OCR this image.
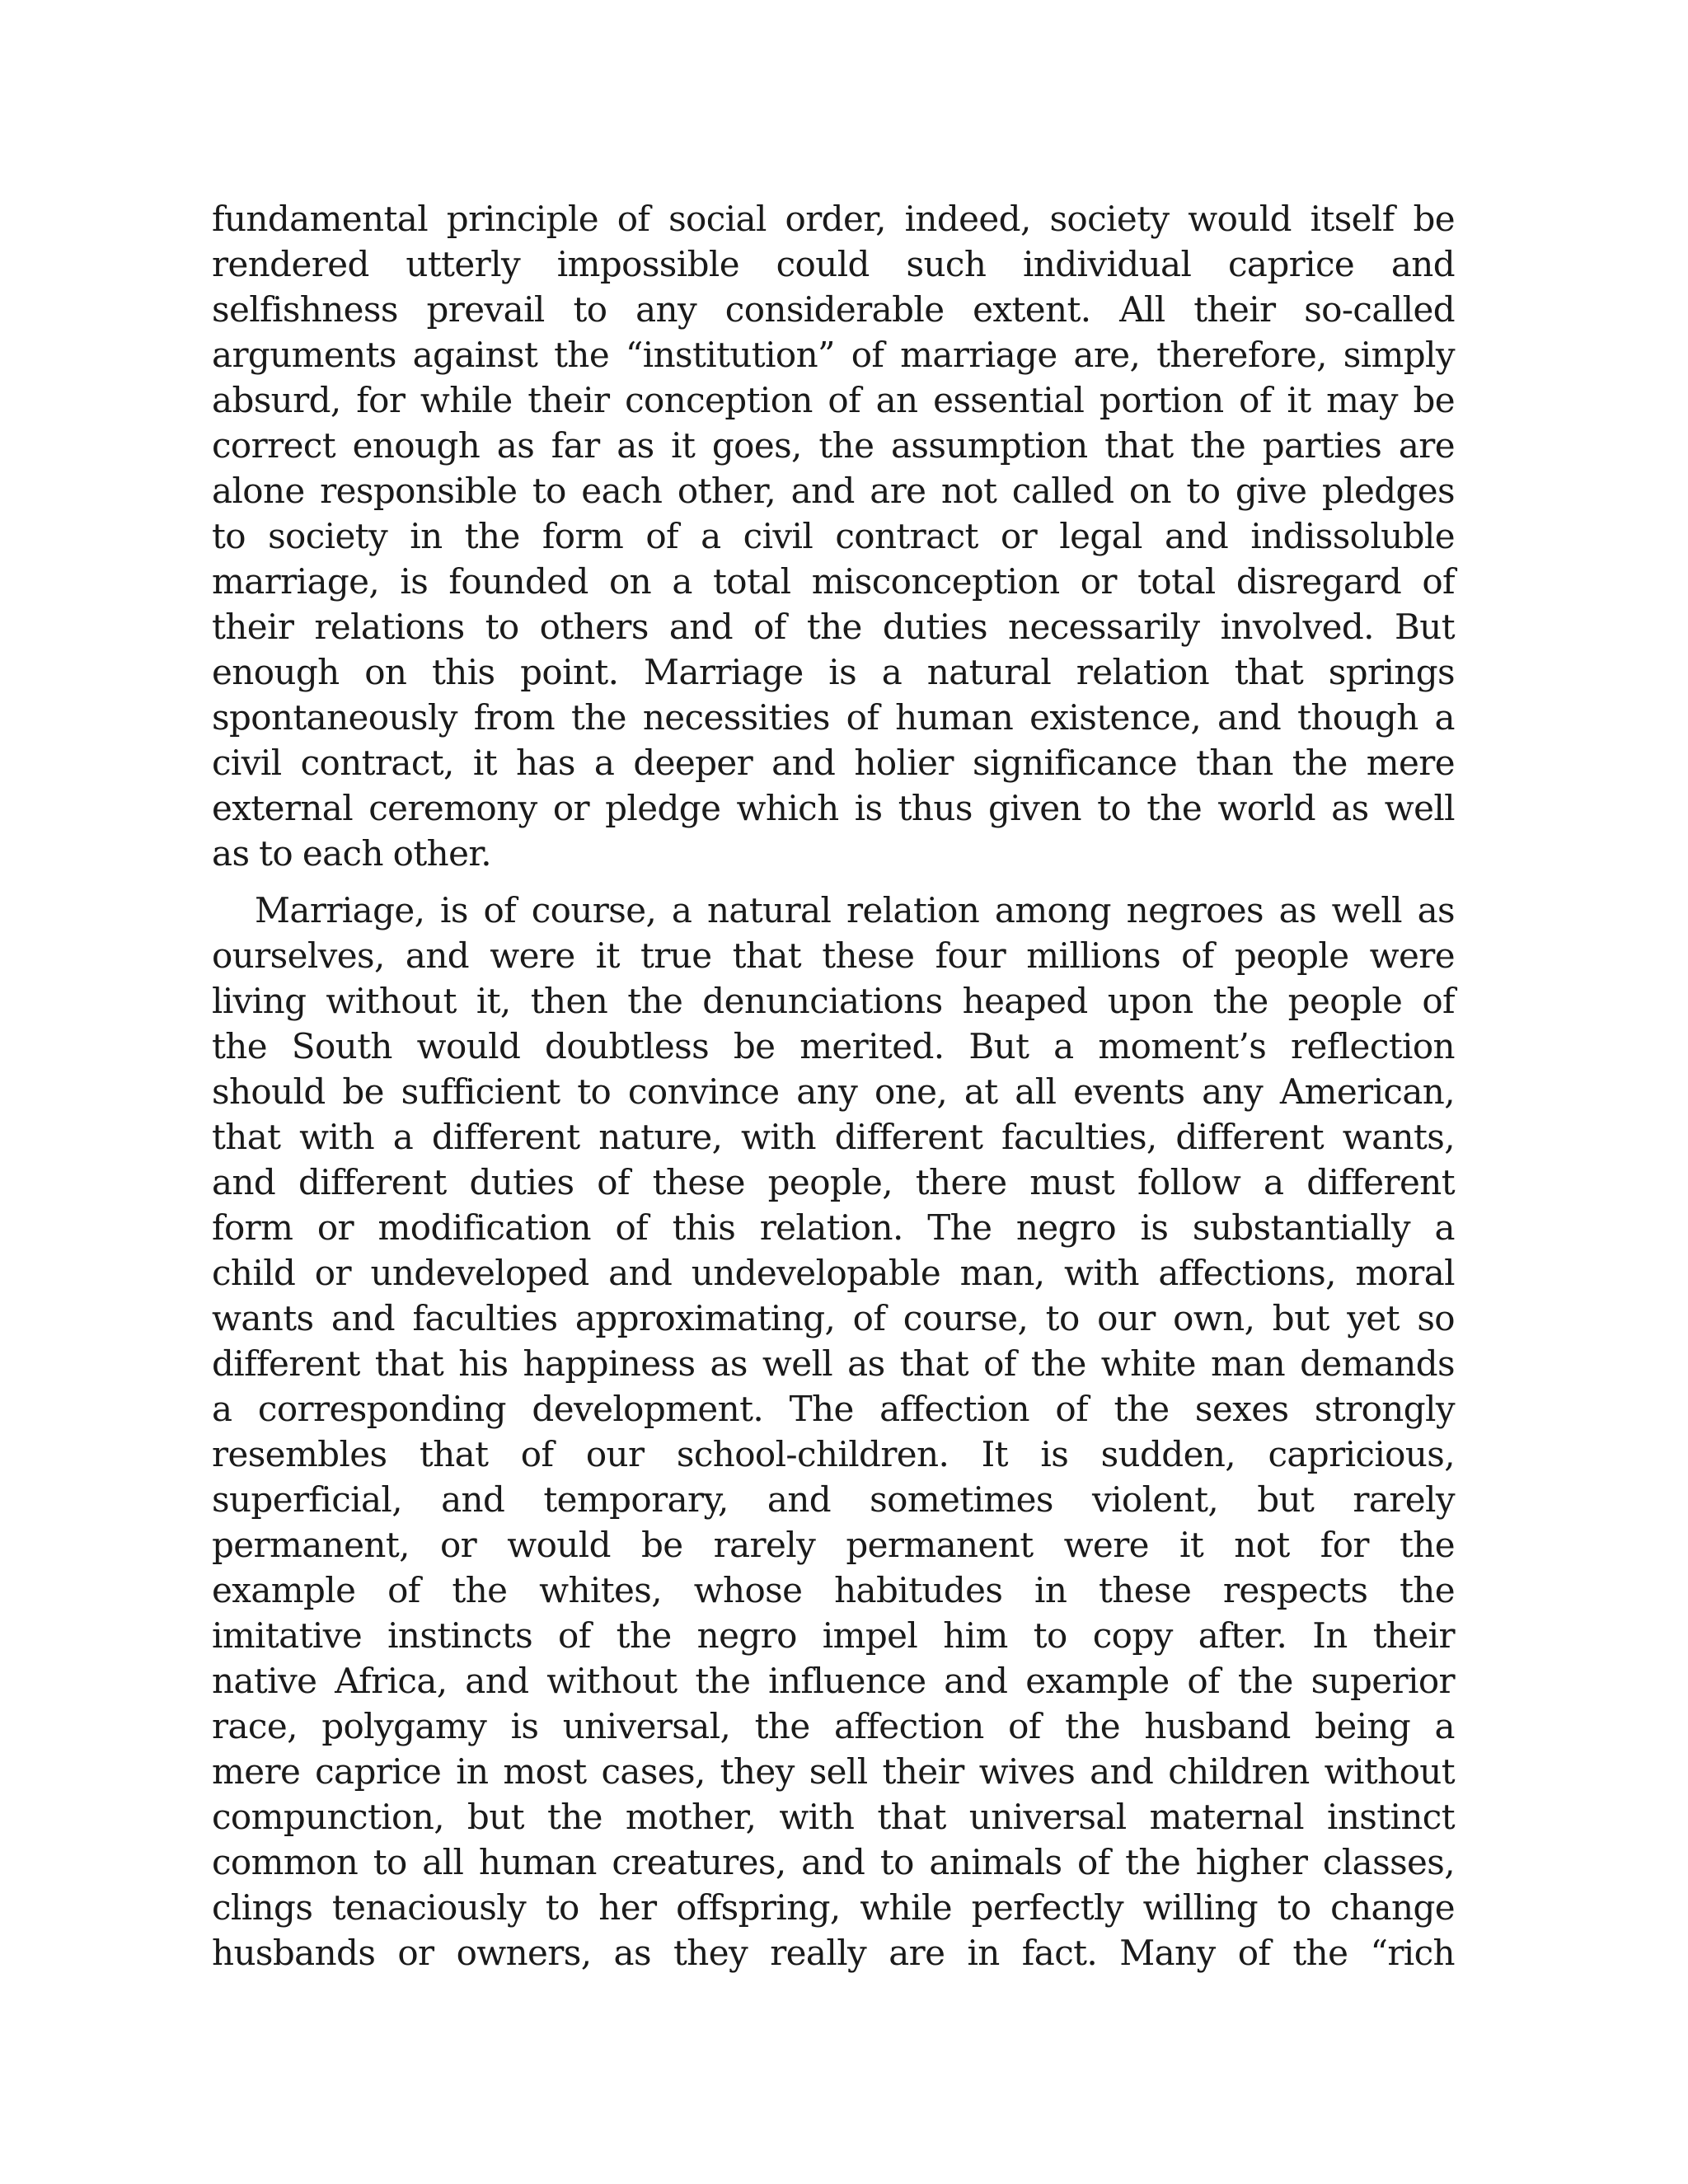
fundamental principle of social order, indeed, society would itself be
rendered utterly impossible could such individual caprice and
selfishness prevail to any considerable extent. All their so-called
arguments against the “institution” of marriage are, therefore, simply
absurd, for while their conception of an essential portion of it may be
correct enough as far as it goes, the assumption that the parties are
alone responsible to each other, and are not called on to give pledges
to society in the form of a civil contract or legal and indissoluble
marriage, is founded on a total misconception or total disregard of
their relations to others and of the duties necessarily involved. But
enough on this point. Marriage is a natural relation that springs
spontaneously from the necessities of human existence, and though a
civil contract, it has a deeper and holier significance than the mere
external ceremony or pledge which is thus given to the world as well
as to each other.
Marriage, is of course, a natural relation among negroes as well as
ourselves, and were it true that these four millions of people were
living without it, then the denunciations heaped upon the people of
the South would doubtless be merited. But a moment’s reflection
should be sufficient to convince any one, at all events any American,
that with a different nature, with different faculties, different wants,
and different duties of these people, there must follow a different
form or modification of this relation. The negro is substantially a
child or undeveloped and undevelopable man, with affections, moral
wants and faculties approximating, of course, to our own, but yet so
different that his happiness as well as that of the white man demands
a corresponding development. The affection of the sexes strongly
resembles that of our school-children. It is sudden, capricious,
superficial, and temporary, and sometimes violent, but rarely
permanent, or would be rarely permanent were it not for the
example of the whites, whose habitudes in these respects the
imitative instincts of the negro impel him to copy after. In their
native Africa, and without the influence and example of the superior
race, polygamy is universal, the affection of the husband being a
mere caprice in most cases, they sell their wives and children without
compunction, but the mother, with that universal maternal instinct
common to all human creatures, and to animals of the higher classes,
clings tenaciously to her offspring, while perfectly willing to change
husbands or owners, as they really are in fact. Many of the “rich
